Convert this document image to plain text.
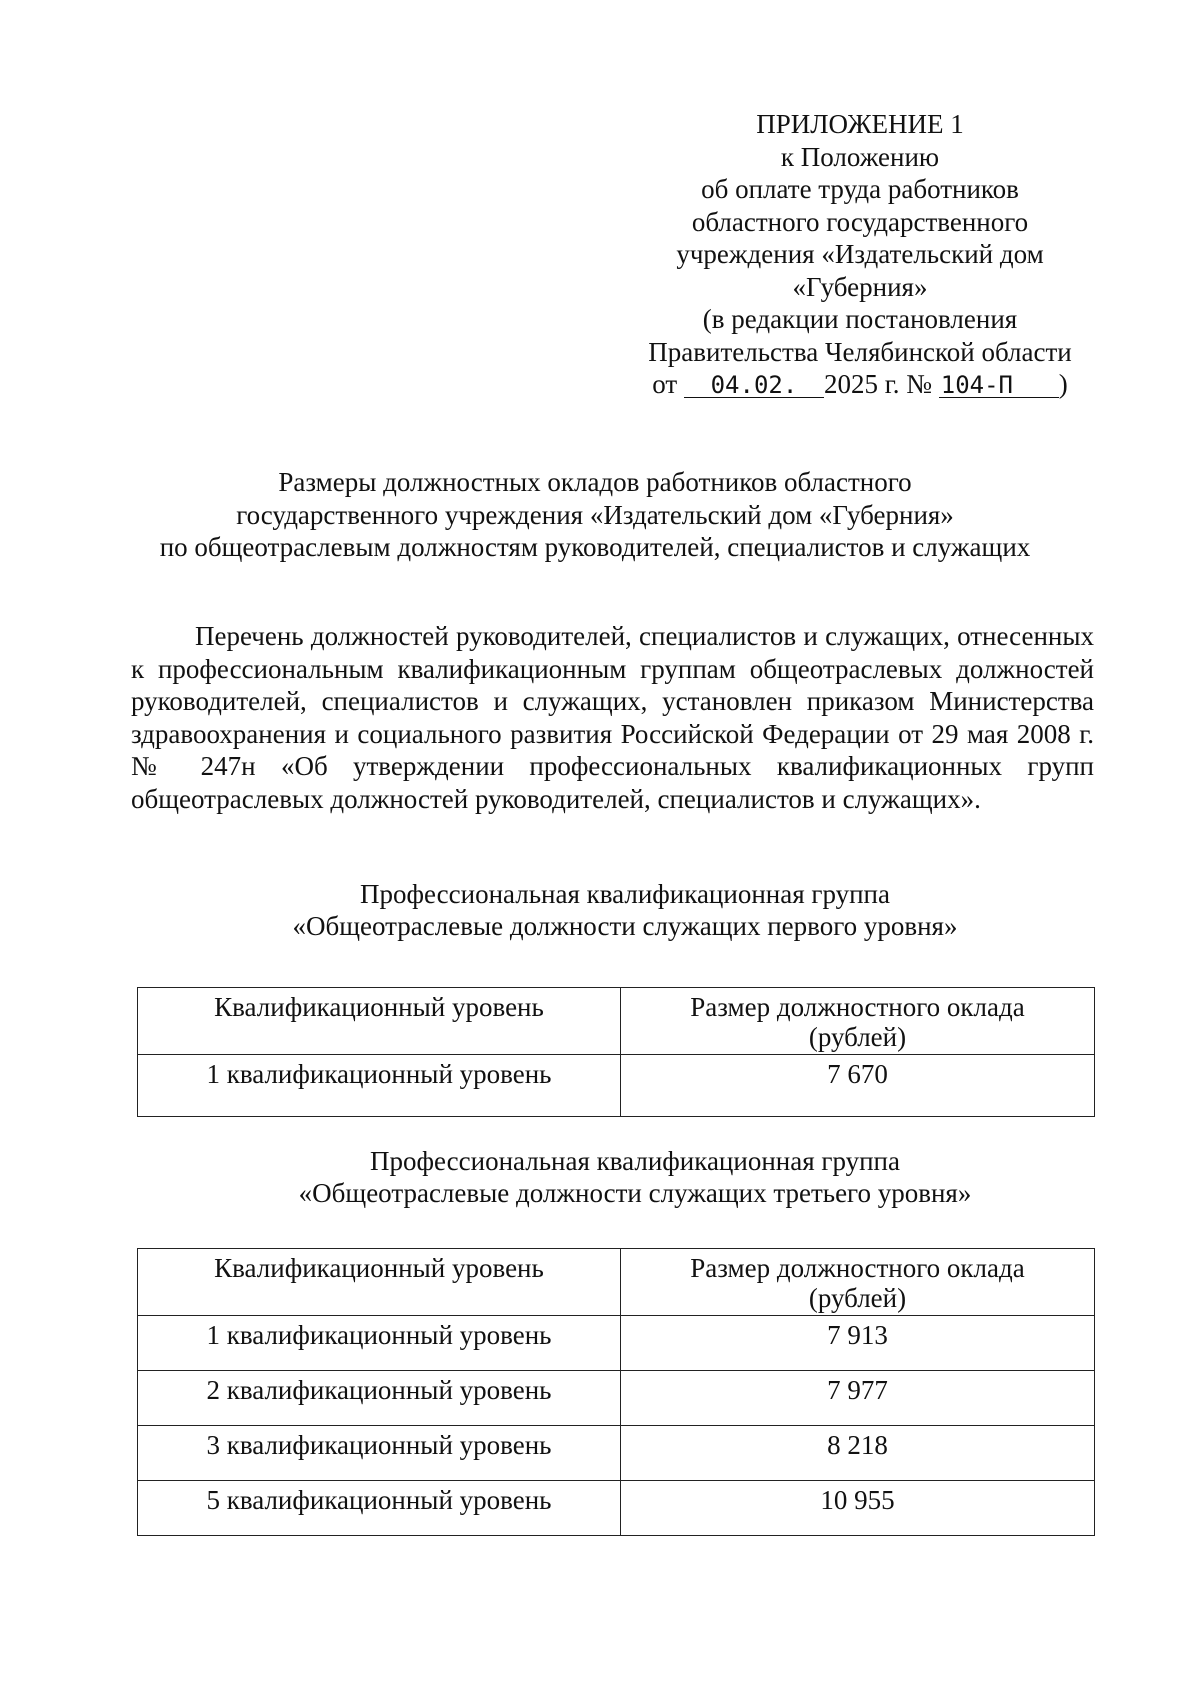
ПРИЛОЖЕНИЕ 1
к Положению
об оплате труда работников
областного государственного
учреждения «Издательский дом
«Губерния»
(в редакции постановления
Правительства Челябинской области
от 04.02. 2025 г. № 104-П )
Размеры должностных окладов работников областного
государственного учреждения «Издательский дом «Губерния»
по общеотраслевым должностям руководителей, специалистов и служащих
Перечень должностей руководителей, специалистов и служащих, отнесенных к профессиональным квалификационным группам общеотраслевых должностей руководителей, специалистов и служащих, установлен приказом Министерства здравоохранения и социального развития Российской Федерации от 29 мая 2008 г. № 247н «Об утверждении профессиональных квалификационных групп общеотраслевых должностей руководителей, специалистов и служащих».
Профессиональная квалификационная группа
«Общеотраслевые должности служащих первого уровня»
Квалификационный уровень	Размер должностного оклада
(рублей)

1 квалификационный уровень	7 670
Профессиональная квалификационная группа
«Общеотраслевые должности служащих третьего уровня»
Квалификационный уровень	Размер должностного оклада
(рублей)

1 квалификационный уровень	7 913
2 квалификационный уровень	7 977
3 квалификационный уровень	8 218
5 квалификационный уровень	10 955
